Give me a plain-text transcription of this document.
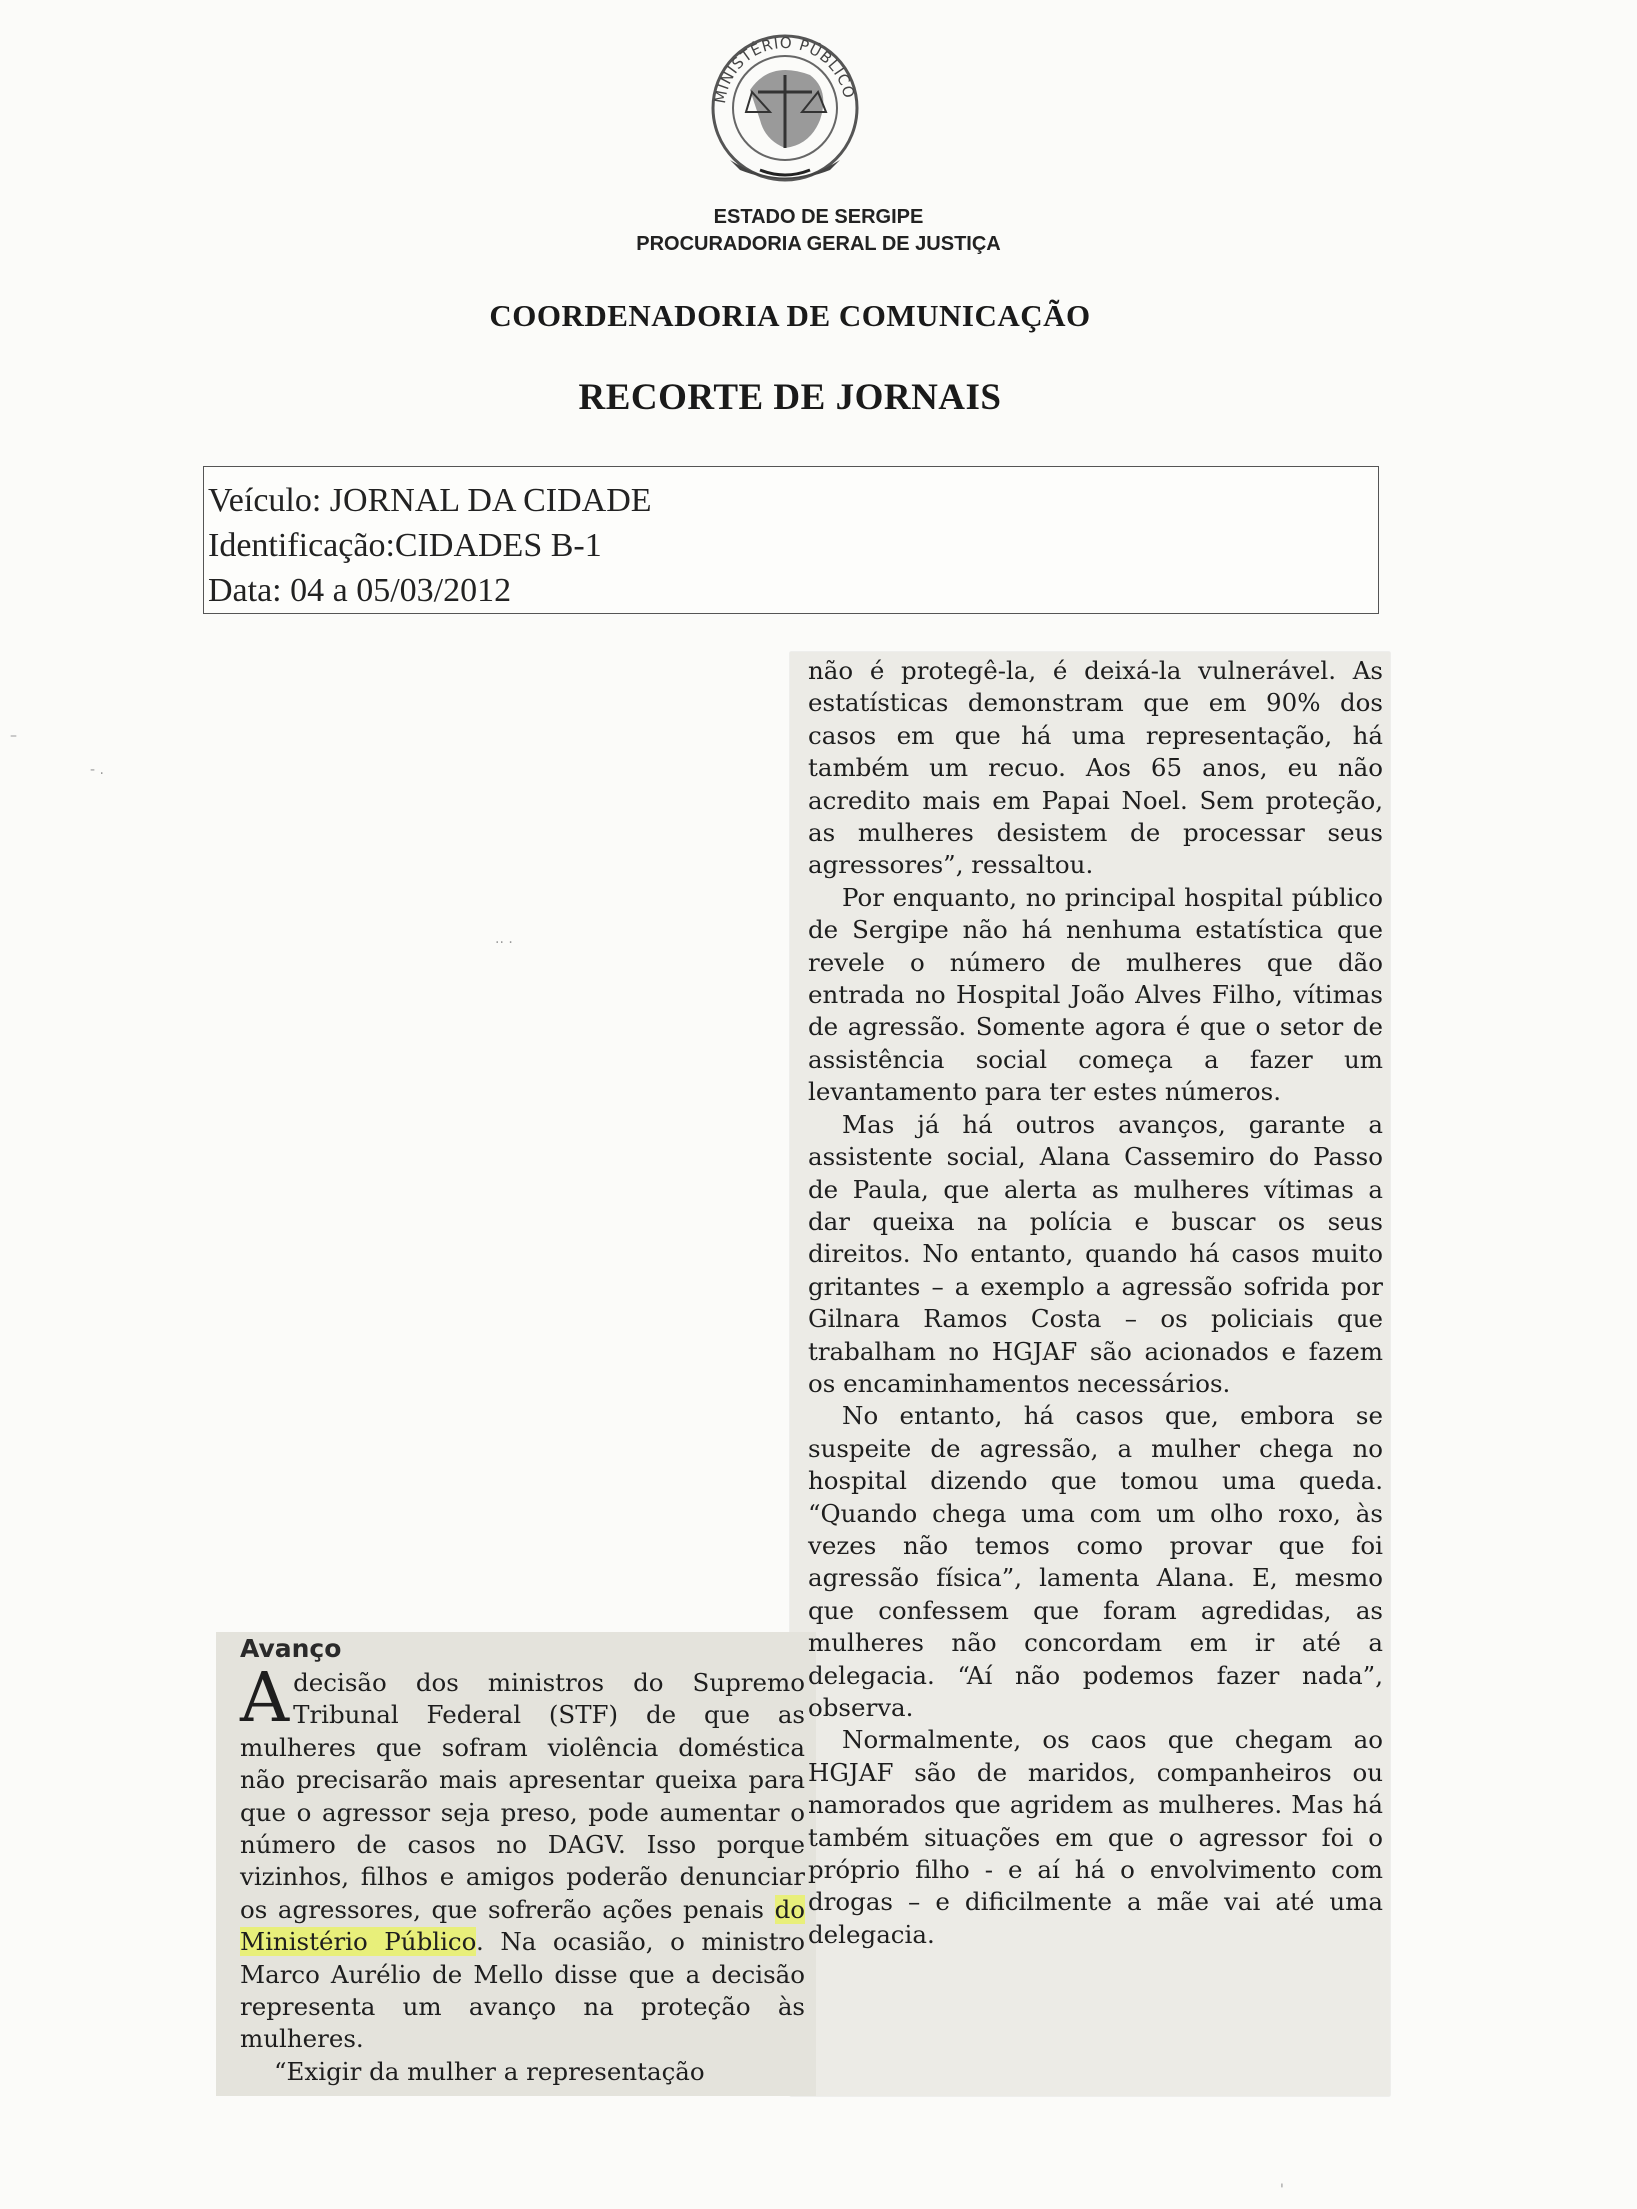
MINISTÉRIO PÚBLICO
ESTADO DE SERGIPE
PROCURADORIA GERAL DE JUSTIÇA
COORDENADORIA DE COMUNICAÇÃO
RECORTE DE JORNAIS
Veículo: JORNAL DA CIDADE
Identificação:CIDADES B-1
Data: 04 a 05/03/2012

não é protegê-la, é deixá-la vulnerável. As estatísticas demonstram que em 90% dos casos em que há uma representação, há também um recuo. Aos 65 anos, eu não acredito mais em Papai Noel. Sem proteção, as mulheres desistem de processar seus agressores”, ressaltou.

Por enquanto, no principal hospital público de Sergipe não há nenhuma estatística que revele o número de mulheres que dão entrada no Hospital João Alves Filho, vítimas de agressão. Somente agora é que o setor de assistência social começa a fazer um levantamento para ter estes números.

Mas já há outros avanços, garante a assistente social, Alana Cassemiro do Passo de Paula, que alerta as mulheres vítimas a dar queixa na polícia e buscar os seus direitos. No entanto, quando há casos muito gritantes – a exemplo a agressão sofrida por Gilnara Ramos Costa – os policiais que trabalham no HGJAF são acionados e fazem os encaminhamentos necessários.

No entanto, há casos que, embora se suspeite de agressão, a mulher chega no hospital dizendo que tomou uma queda. “Quando chega uma com um olho roxo, às vezes não temos como provar que foi agressão física”, lamenta Alana. E, mesmo que confessem que foram agredidas, as mulheres não concordam em ir até a delegacia. “Aí não podemos fazer nada”, observa.

Normalmente, os caos que chegam ao HGJAF são de maridos, companheiros ou namorados que agridem as mulheres. Mas há também situações em que o agressor foi o próprio filho - e aí há o envolvimento com drogas – e dificilmente a mãe vai até uma delegacia.

Avanço

Adecisão dos ministros do Supremo Tribunal Federal (STF) de que as mulheres que sofram violência doméstica não precisarão mais apresentar queixa para que o agressor seja preso, pode aumentar o número de casos no DAGV. Isso porque vizinhos, filhos e amigos poderão denunciar os agressores, que sofrerão ações penais do Ministério Público. Na ocasião, o ministro Marco Aurélio de Mello disse que a decisão representa um avanço na proteção às mulheres.

“Exigir da mulher a representação

–
- .
·· ·
'
